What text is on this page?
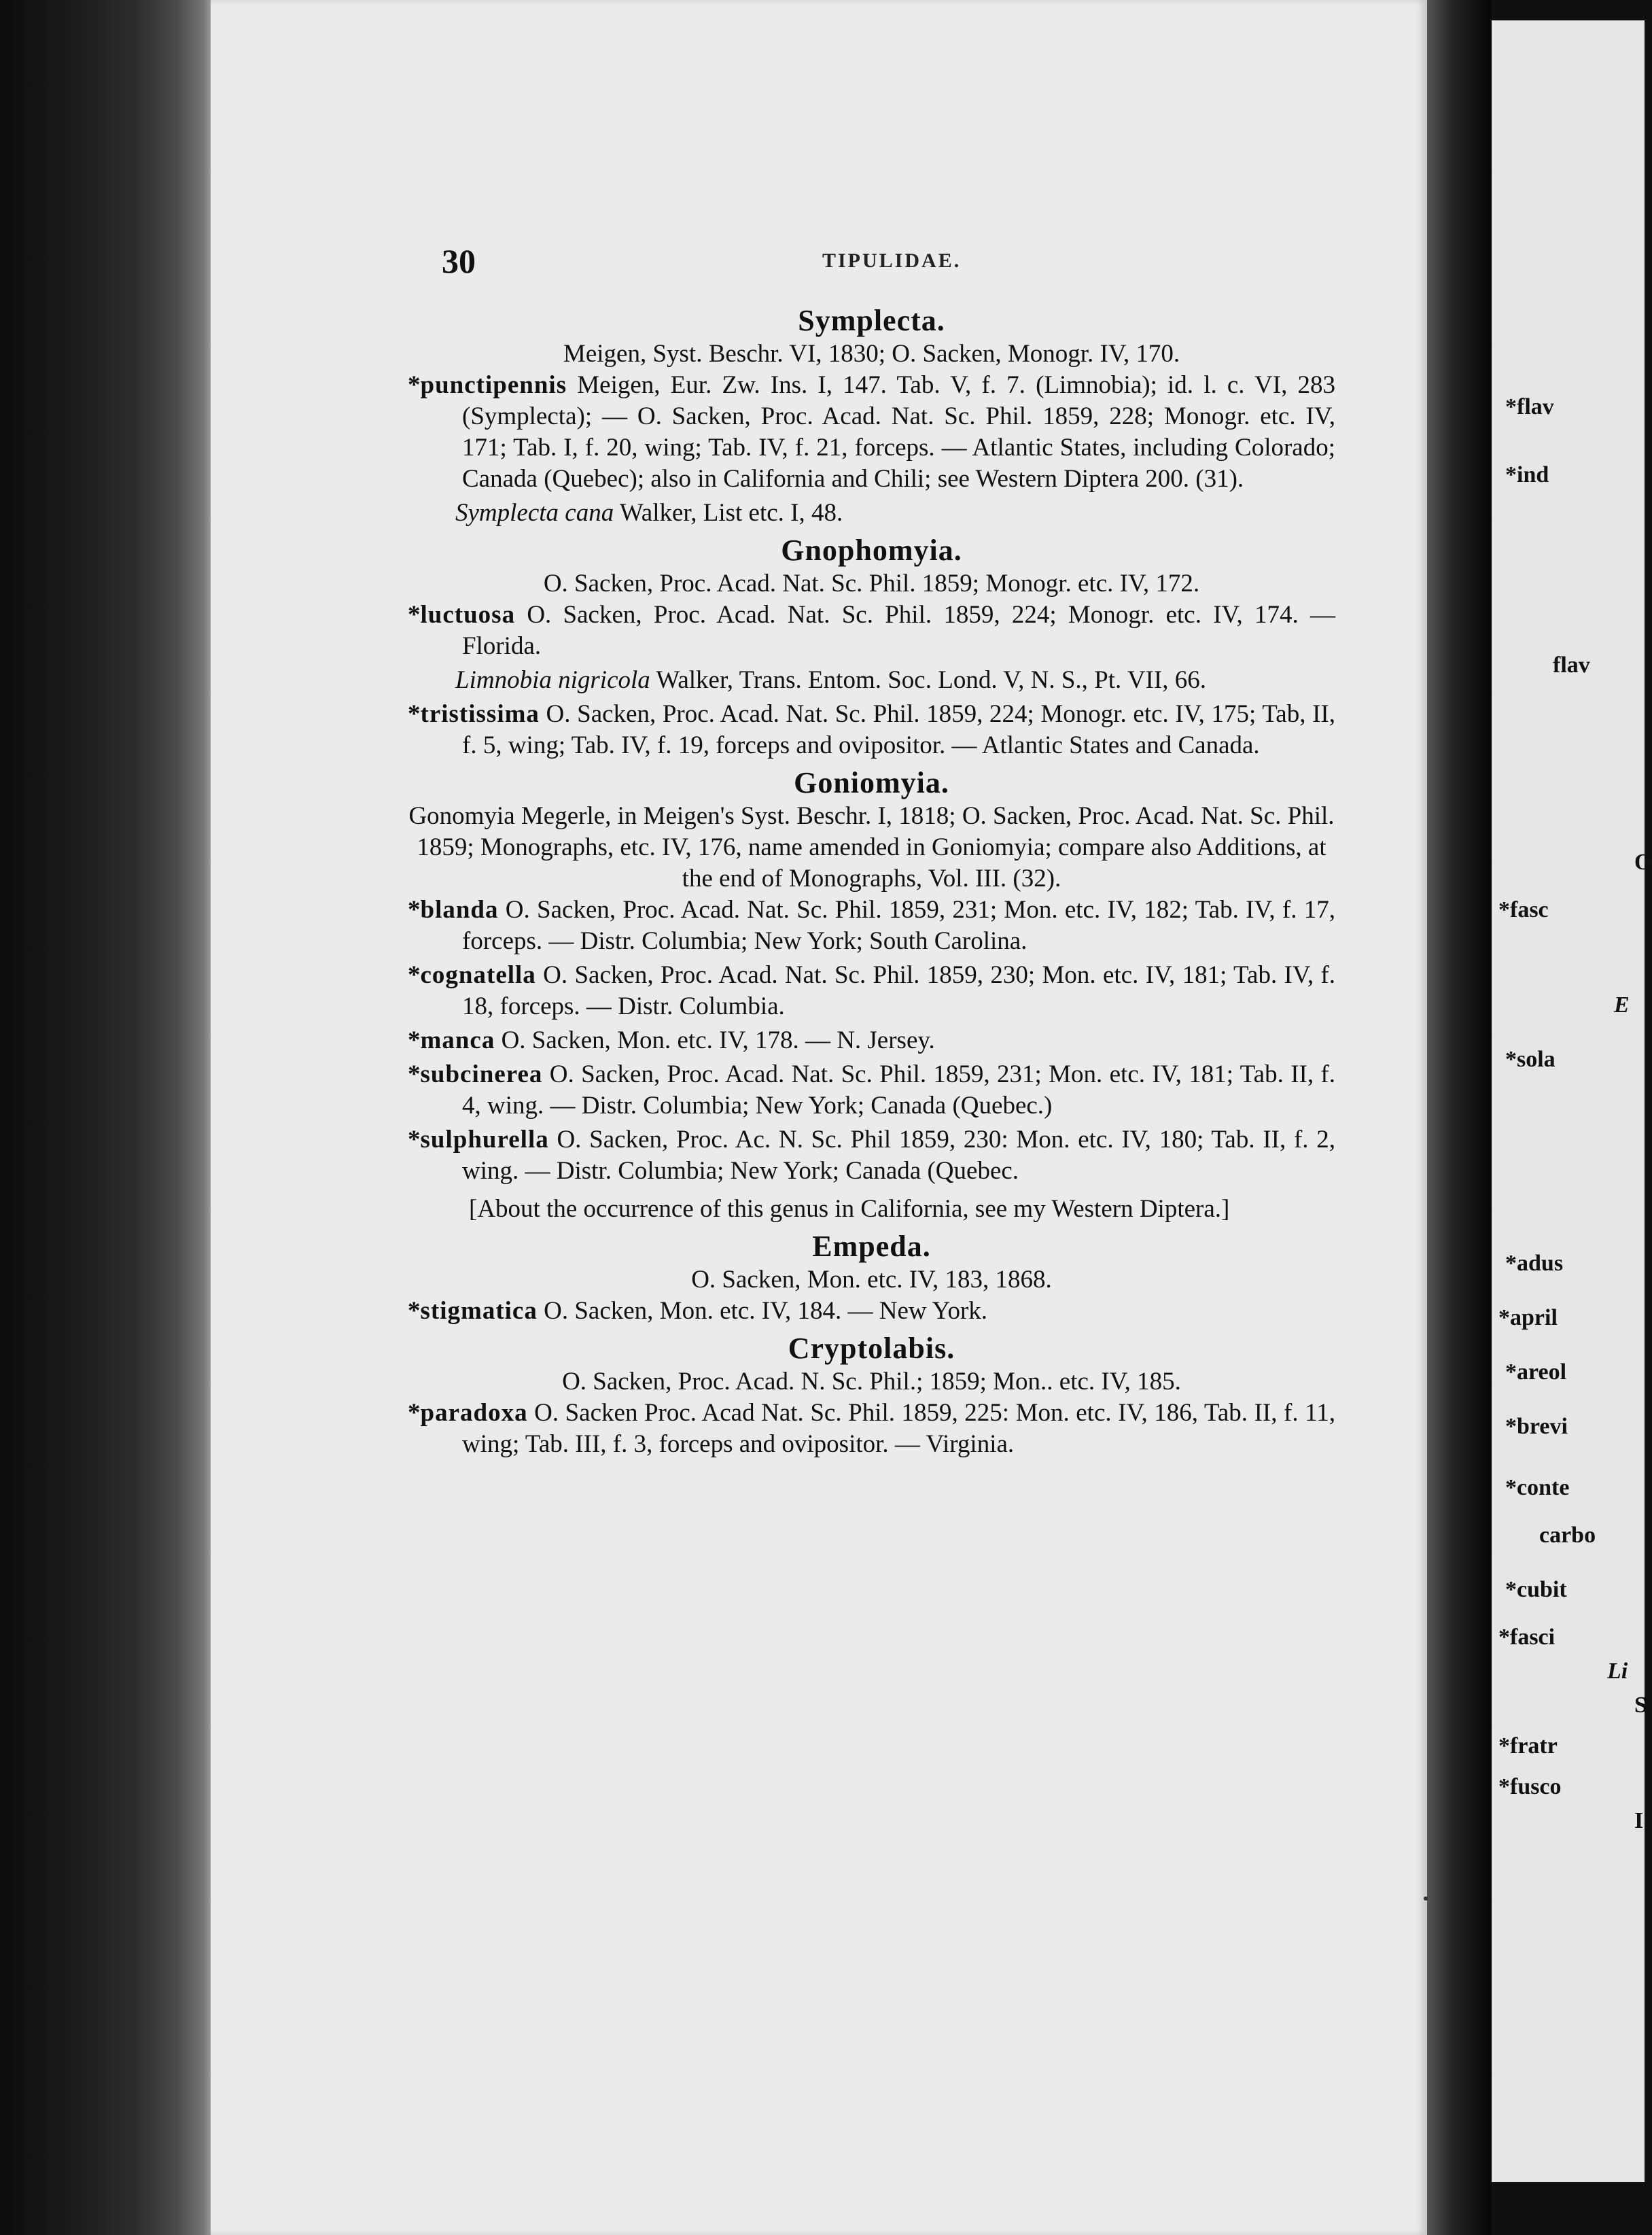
30	TIPULIDAE.
Symplecta.
Meigen, Syst. Beschr. VI, 1830; O. Sacken, Monogr. IV, 170.
*punctipennis Meigen, Eur. Zw. Ins. I, 147. Tab. V, f. 7. (Limnobia); id. l. c. VI, 283 (Symplecta); — O. Sacken, Proc. Acad. Nat. Sc. Phil. 1859, 228; Monogr. etc. IV, 171; Tab. I, f. 20, wing; Tab. IV, f. 21, forceps. — Atlantic States, including Colorado; Canada (Quebec); also in California and Chili; see Western Diptera 200. (31).
Symplecta cana Walker, List etc. I, 48.
Gnophomyia.
O. Sacken, Proc. Acad. Nat. Sc. Phil. 1859; Monogr. etc. IV, 172.
*luctuosa O. Sacken, Proc. Acad. Nat. Sc. Phil. 1859, 224; Monogr. etc. IV, 174. — Florida.
Limnobia nigricola Walker, Trans. Entom. Soc. Lond. V, N. S., Pt. VII, 66.
*tristissima O. Sacken, Proc. Acad. Nat. Sc. Phil. 1859, 224; Monogr. etc. IV, 175; Tab, II, f. 5, wing; Tab. IV, f. 19, forceps and ovipositor. — Atlantic States and Canada.
Goniomyia.
Gonomyia Megerle, in Meigen's Syst. Beschr. I, 1818; O. Sacken, Proc. Acad. Nat. Sc. Phil. 1859; Monographs, etc. IV, 176, name amended in Goniomyia; compare also Additions, at the end of Monographs, Vol. III. (32).
*blanda O. Sacken, Proc. Acad. Nat. Sc. Phil. 1859, 231; Mon. etc. IV, 182; Tab. IV, f. 17, forceps. — Distr. Columbia; New York; South Carolina.
*cognatella O. Sacken, Proc. Acad. Nat. Sc. Phil. 1859, 230; Mon. etc. IV, 181; Tab. IV, f. 18, forceps. — Distr. Columbia.
*manca O. Sacken, Mon. etc. IV, 178. — N. Jersey.
*subcinerea O. Sacken, Proc. Acad. Nat. Sc. Phil. 1859, 231; Mon. etc. IV, 181; Tab. II, f. 4, wing. — Distr. Columbia; New York; Canada (Quebec.)
*sulphurella O. Sacken, Proc. Ac. N. Sc. Phil 1859, 230: Mon. etc. IV, 180; Tab. II, f. 2, wing. — Distr. Columbia; New York; Canada (Quebec.
[About the occurrence of this genus in California, see my Western Diptera.]
Empeda.
O. Sacken, Mon. etc. IV, 183, 1868.
*stigmatica O. Sacken, Mon. etc. IV, 184. — New York.
Cryptolabis.
O. Sacken, Proc. Acad. N. Sc. Phil.; 1859; Mon.. etc. IV, 185.
*paradoxa O. Sacken Proc. Acad Nat. Sc. Phil. 1859, 225: Mon. etc. IV, 186, Tab. II, f. 11, wing; Tab. III, f. 3, forceps and ovipositor. — Virginia.
*flav
*ind
flav
O
*fasc
E
*sola
*adus
*april
*areol
*brevi
*conte
carbo
*cubit
*fasci
Li
S
*fratr
*fusco
I
